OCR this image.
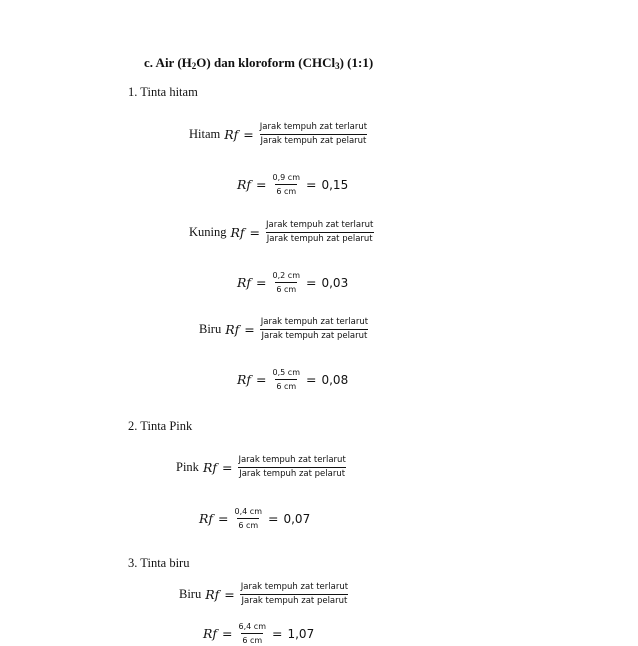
c. Air $(H_2O)$ dan kloroform (CHCl$_3$) (1:1)
1. Tinta hitam
Hitam $Rf = \frac{\text{Jarak tempuh zat terlarut}}{\text{Jarak tempuh zat pelarut}}$
$Rf = \frac{0,9 cm}{6 cm} = 0,15$
Kuning $Rf = \frac{\text{Jarak tempuh zat terlarut}}{\text{Jarak tempuh zat pelarut}}$
$Rf = \frac{0,2 cm}{6 cm} = 0,03$
Biru $Rf = \frac{\text{Jarak tempuh zat terlarut}}{\text{Jarak tempuh zat pelarut}}$
$Rf = \frac{0,5 cm}{6 cm} = 0,08$
2. Tinta Pink
Pink $Rf = \frac{\text{Jarak tempuh zat terlarut}}{\text{Jarak tempuh zat pelarut}}$
$Rf = \frac{0,4 cm}{6 cm} = 0,07$
3. Tinta biru
Biru $Rf = \frac{\text{Jarak tempuh zat terlarut}}{\text{Jarak tempuh zat pelarut}}$
$Rf = \frac{6,4 cm}{6 cm} = 1,07$
